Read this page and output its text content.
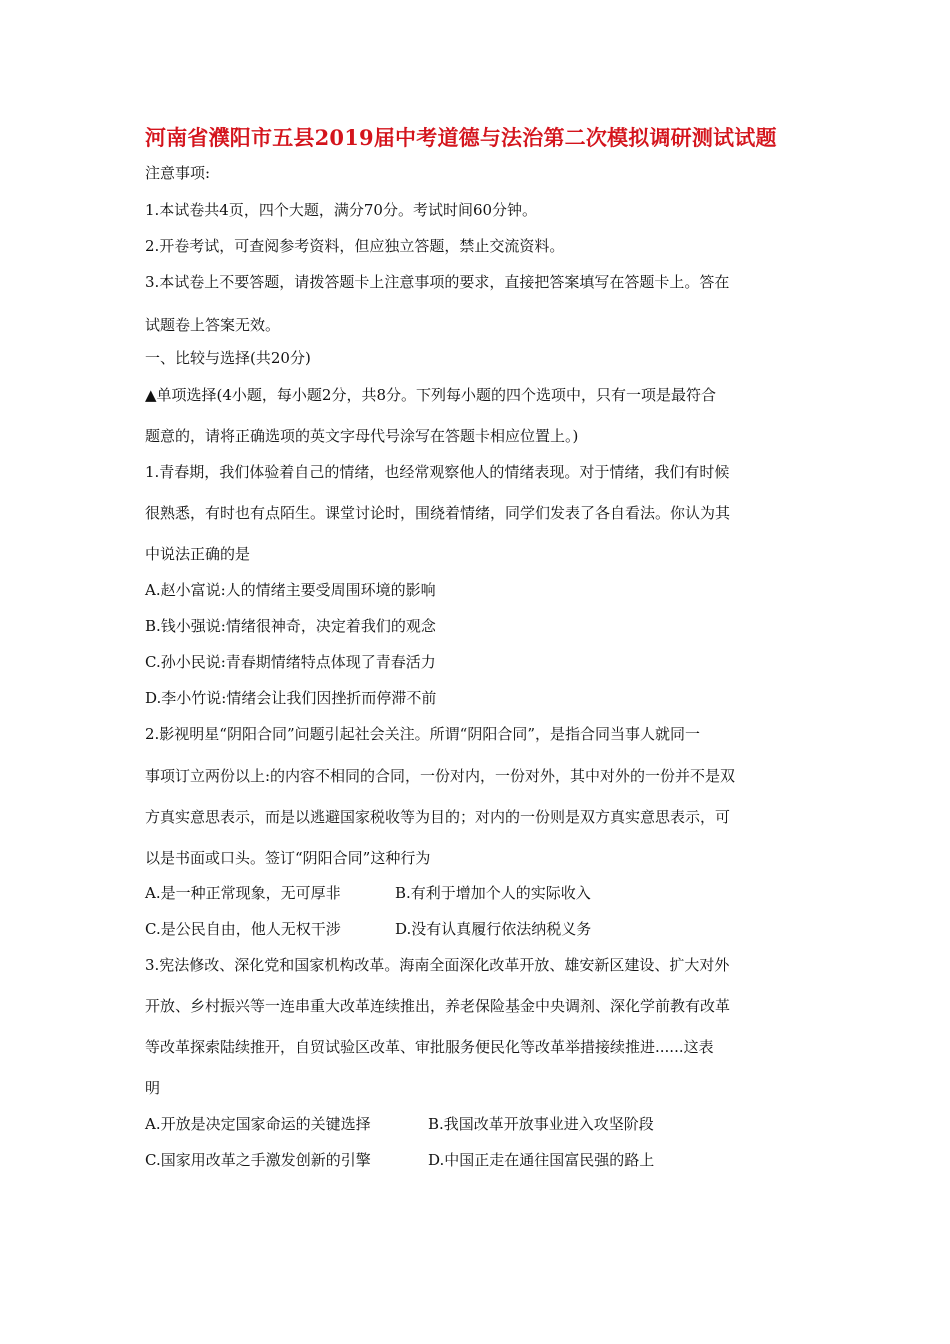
河南省濮阳市五县2019届中考道德与法治第二次模拟调研测试试题
注意事项:
1.本试卷共4页，四个大题，满分70分。考试时间60分钟。
2.开卷考试，可查阅参考资料，但应独立答题，禁止交流资料。
3.本试卷上不要答题，请拨答题卡上注意事项的要求，直接把答案填写在答题卡上。答在
试题卷上答案无效。
一、比较与选择(共20分)
▲单项选择(4小题，每小题2分，共8分。下列每小题的四个选项中，只有一项是最符合
题意的，请将正确选项的英文字母代号涂写在答题卡相应位置上。)
1.青春期，我们体验着自己的情绪，也经常观察他人的情绪表现。对于情绪，我们有时候
很熟悉，有时也有点陌生。课堂讨论时，围绕着情绪，同学们发表了各自看法。你认为其
中说法正确的是
A.赵小富说:人的情绪主要受周围环境的影响
B.钱小强说:情绪很神奇，决定着我们的观念
C.孙小民说:青春期情绪特点体现了青春活力
D.李小竹说:情绪会让我们因挫折而停滞不前
2.影视明星“阴阳合同”问题引起社会关注。所谓“阴阳合同”，是指合同当事人就同一
事项订立两份以上:的内容不相同的合同，一份对内，一份对外，其中对外的一份并不是双
方真实意思表示，而是以逃避国家税收等为目的；对内的一份则是双方真实意思表示，可
以是书面或口头。签订“阴阳合同”这种行为
A.是一种正常现象，无可厚非	B.有利于增加个人的实际收入
C.是公民自由，他人无权干涉	D.没有认真履行依法纳税义务
3.宪法修改、深化党和国家机构改革。海南全面深化改革开放、雄安新区建设、扩大对外
开放、乡村振兴等一连串重大改革连续推出，养老保险基金中央调剂、深化学前教有改革
等改革探索陆续推开，自贸试验区改革、审批服务便民化等改革举措接续推进......这表
明
A.开放是决定国家命运的关键选择	B.我国改革开放事业进入攻坚阶段
C.国家用改革之手激发创新的引擎	D.中国正走在通往国富民强的路上
